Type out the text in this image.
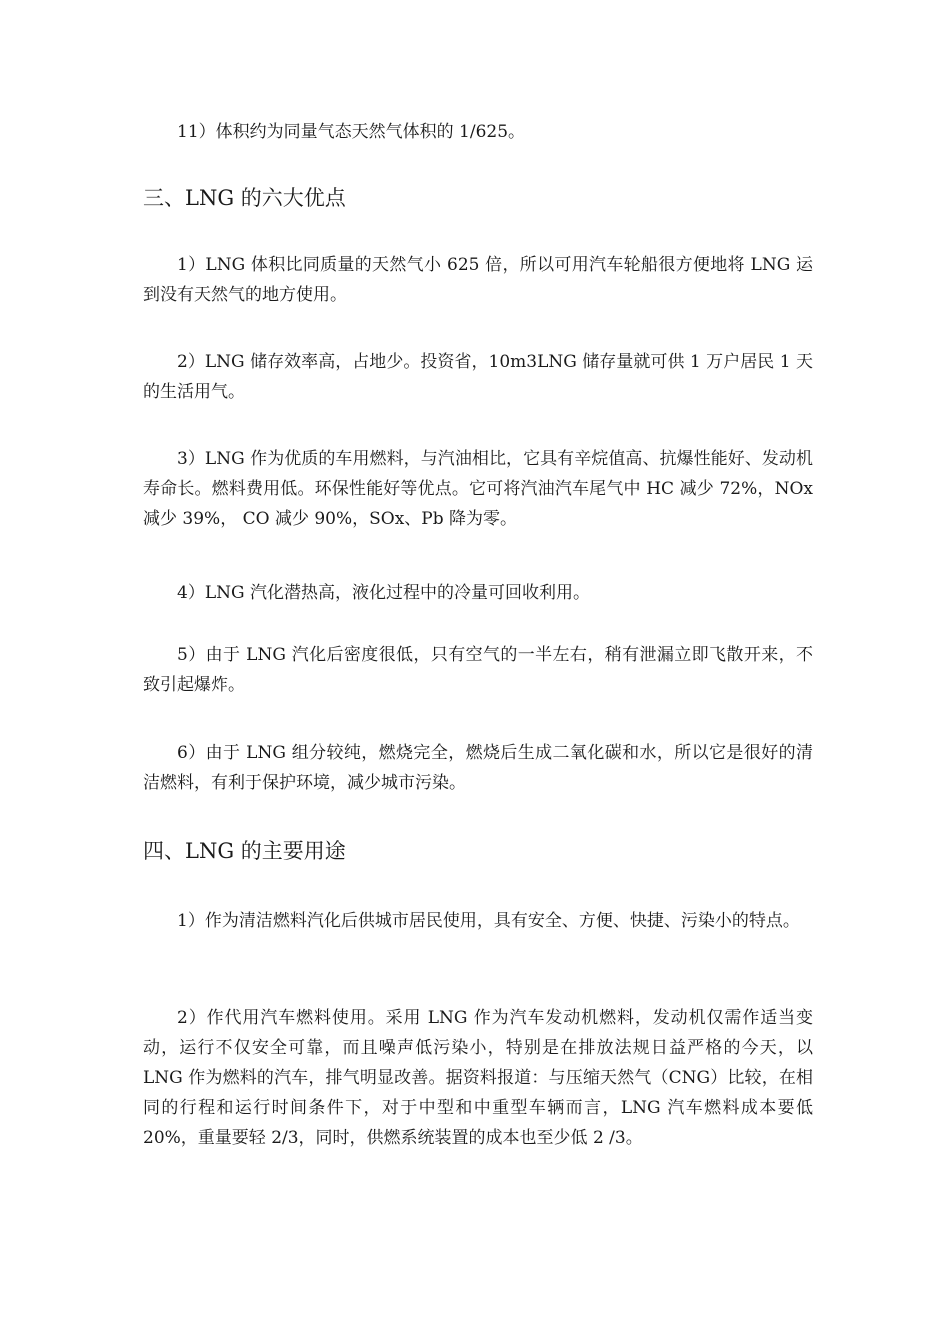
11）体积约为同量气态天然气体积的 1/625。

三、LNG 的六大优点

1）LNG 体积比同质量的天然气小 625 倍，所以可用汽车轮船很方便地将 LNG 运到没有天然气的地方使用。

2）LNG 储存效率高，占地少。投资省，10m3LNG 储存量就可供 1 万户居民 1 天的生活用气。

3）LNG 作为优质的车用燃料，与汽油相比，它具有辛烷值高、抗爆性能好、发动机寿命长。燃料费用低。环保性能好等优点。它可将汽油汽车尾气中 HC 减少 72%，NOx 减少 39%， CO 减少 90%，SOx、Pb 降为零。

4）LNG 汽化潜热高，液化过程中的冷量可回收利用。

5）由于 LNG 汽化后密度很低，只有空气的一半左右，稍有泄漏立即飞散开来，不致引起爆炸。

6）由于 LNG 组分较纯，燃烧完全，燃烧后生成二氧化碳和水，所以它是很好的清洁燃料，有利于保护环境，减少城市污染。

四、LNG 的主要用途

1）作为清洁燃料汽化后供城市居民使用，具有安全、方便、快捷、污染小的特点。

2）作代用汽车燃料使用。采用 LNG 作为汽车发动机燃料，发动机仅需作适当变动，运行不仅安全可靠，而且噪声低污染小，特别是在排放法规日益严格的今天，以 LNG 作为燃料的汽车，排气明显改善。据资料报道：与压缩天然气（CNG）比较，在相同的行程和运行时间条件下，对于中型和中重型车辆而言，LNG 汽车燃料成本要低 20%，重量要轻 2/3，同时，供燃系统装置的成本也至少低 2 /3。
